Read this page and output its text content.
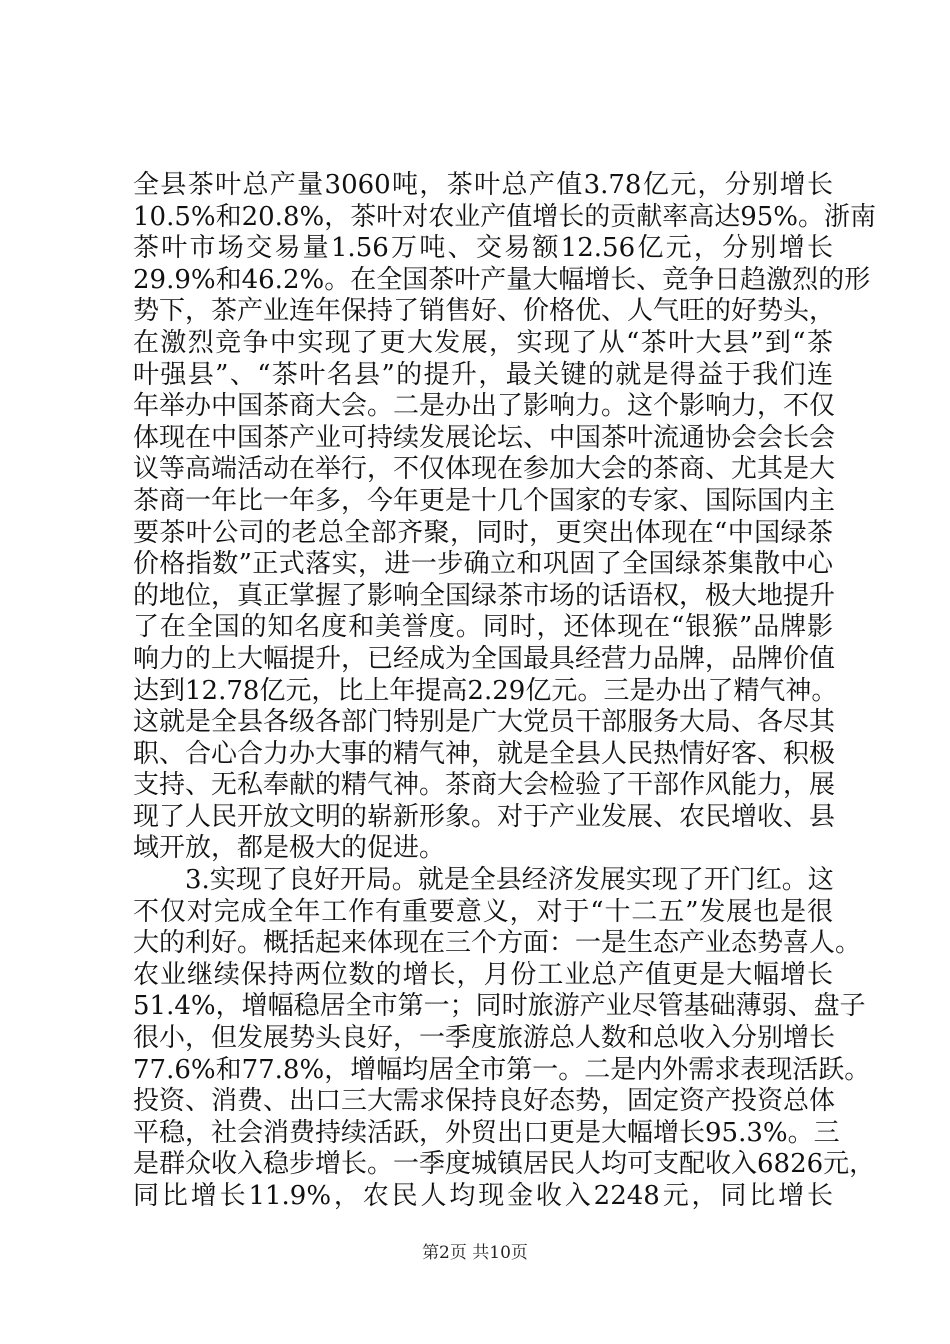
全县茶叶总产量3060吨，茶叶总产值3.78亿元，分别增长
10.5%和20.8%，茶叶对农业产值增长的贡献率高达95%。浙南
茶叶市场交易量1.56万吨、交易额12.56亿元，分别增长
29.9%和46.2%。在全国茶叶产量大幅增长、竞争日趋激烈的形
势下，茶产业连年保持了销售好、价格优、人气旺的好势头，
在激烈竞争中实现了更大发展，实现了从“茶叶大县”到“茶
叶强县”、“茶叶名县”的提升，最关键的就是得益于我们连
年举办中国茶商大会。二是办出了影响力。这个影响力，不仅
体现在中国茶产业可持续发展论坛、中国茶叶流通协会会长会
议等高端活动在举行，不仅体现在参加大会的茶商、尤其是大
茶商一年比一年多，今年更是十几个国家的专家、国际国内主
要茶叶公司的老总全部齐聚，同时，更突出体现在“中国绿茶
价格指数”正式落实，进一步确立和巩固了全国绿茶集散中心
的地位，真正掌握了影响全国绿茶市场的话语权，极大地提升
了在全国的知名度和美誉度。同时，还体现在“银猴”品牌影
响力的上大幅提升，已经成为全国最具经营力品牌，品牌价值
达到12.78亿元，比上年提高2.29亿元。三是办出了精气神。
这就是全县各级各部门特别是广大党员干部服务大局、各尽其
职、合心合力办大事的精气神，就是全县人民热情好客、积极
支持、无私奉献的精气神。茶商大会检验了干部作风能力，展
现了人民开放文明的崭新形象。对于产业发展、农民增收、县
域开放，都是极大的促进。
3.实现了良好开局。就是全县经济发展实现了开门红。这
不仅对完成全年工作有重要意义，对于“十二五”发展也是很
大的利好。概括起来体现在三个方面：一是生态产业态势喜人。
农业继续保持两位数的增长，月份工业总产值更是大幅增长
51.4%，增幅稳居全市第一；同时旅游产业尽管基础薄弱、盘子
很小，但发展势头良好，一季度旅游总人数和总收入分别增长
77.6%和77.8%，增幅均居全市第一。二是内外需求表现活跃。
投资、消费、出口三大需求保持良好态势，固定资产投资总体
平稳，社会消费持续活跃，外贸出口更是大幅增长95.3%。三
是群众收入稳步增长。一季度城镇居民人均可支配收入6826元，
同比增长11.9%，农民人均现金收入2248元，同比增长
第2页 共10页
